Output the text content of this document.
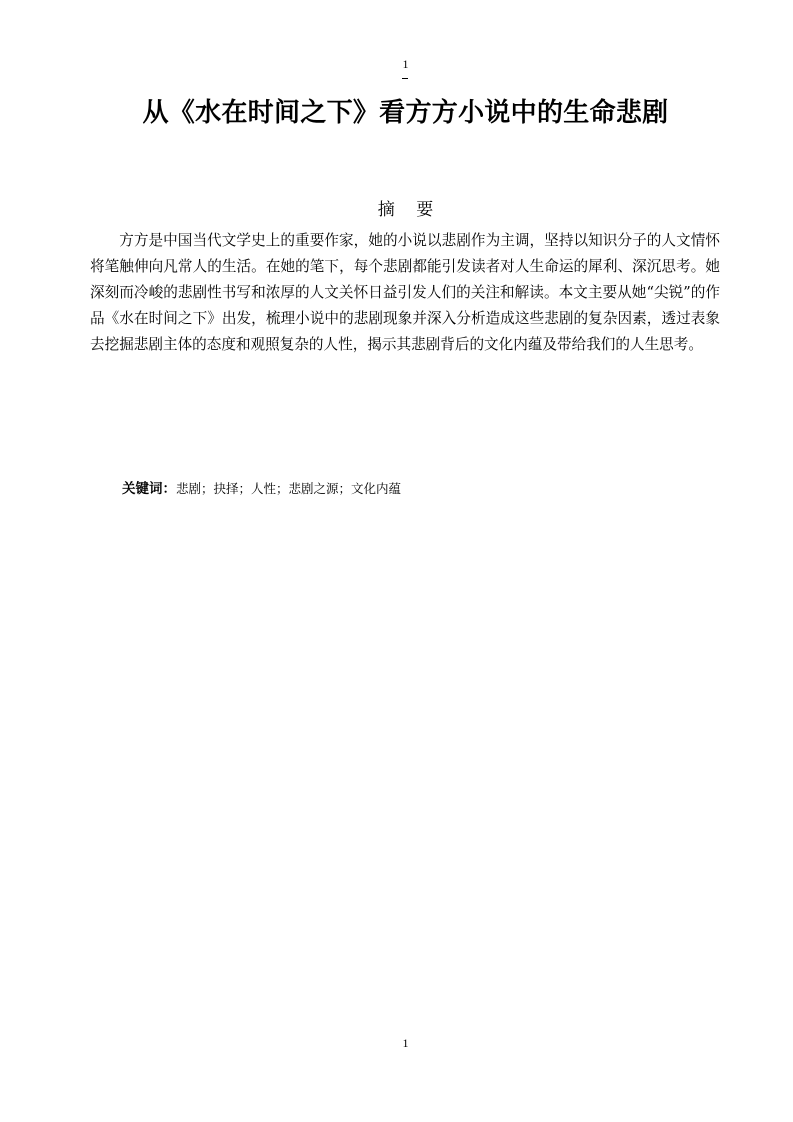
1
从《水在时间之下》看方方小说中的生命悲剧
摘    要

方方是中国当代文学史上的重要作家，她的小说以悲剧作为主调，坚持以知识分子的人文情怀将笔触伸向凡常人的生活。在她的笔下，每个悲剧都能引发读者对人生命运的犀利、深沉思考。她深刻而冷峻的悲剧性书写和浓厚的人文关怀日益引发人们的关注和解读。本文主要从她“尖锐”的作品《水在时间之下》出发，梳理小说中的悲剧现象并深入分析造成这些悲剧的复杂因素，透过表象去挖掘悲剧主体的态度和观照复杂的人性，揭示其悲剧背后的文化内蕴及带给我们的人生思考。

关键词：悲剧；抉择；人性；悲剧之源；文化内蕴
1
